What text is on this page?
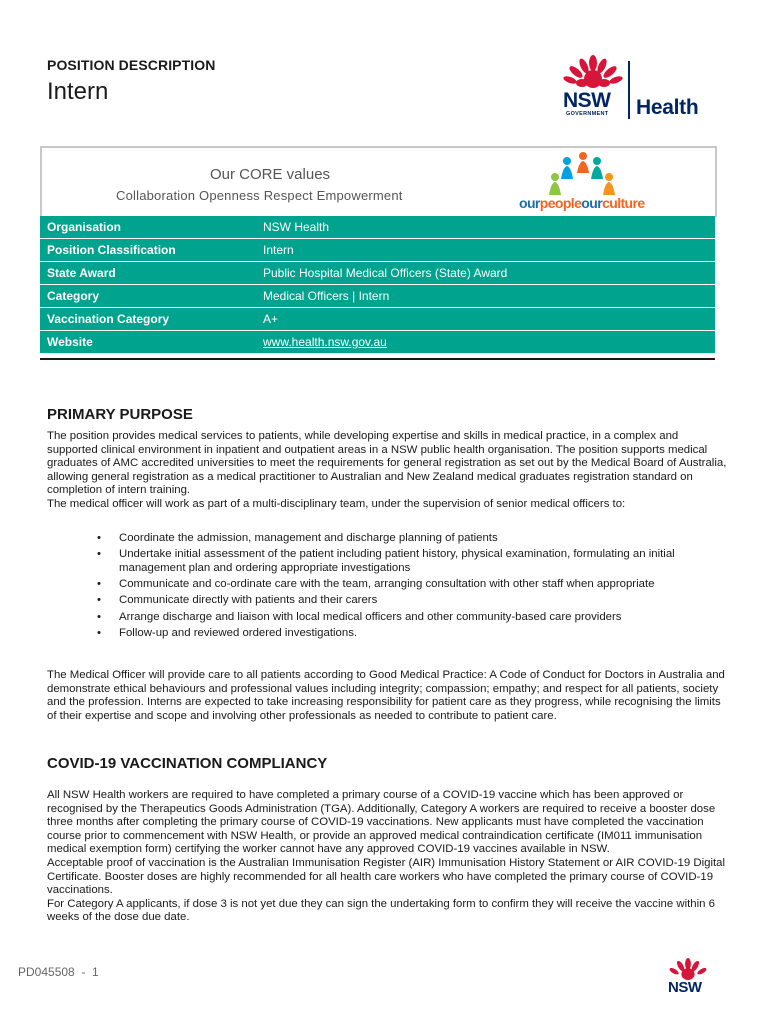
POSITION DESCRIPTION
Intern	NSW
GOVERNMENT Health
Our CORE values
Collaboration Openness Respect Empowerment	ourpeopleourculture
Organisation	NSW Health
Position Classification	Intern
State Award	Public Hospital Medical Officers (State) Award
Category	Medical Officers | Intern
Vaccination Category	A+
Website	www.health.nsw.gov.au
PRIMARY PURPOSE

The position provides medical services to patients, while developing expertise and skills in medical practice, in a complex and supported clinical environment in inpatient and outpatient areas in a NSW public health organisation. The position supports medical graduates of AMC accredited universities to meet the requirements for general registration as set out by the Medical Board of Australia, allowing general registration as a medical practitioner to Australian and New Zealand medical graduates registration standard on completion of intern training.

The medical officer will work as part of a multi-disciplinary team, under the supervision of senior medical officers to:

• Coordinate the admission, management and discharge planning of patients
• Undertake initial assessment of the patient including patient history, physical examination, formulating an initial management plan and ordering appropriate investigations
• Communicate and co-ordinate care with the team, arranging consultation with other staff when appropriate
• Communicate directly with patients and their carers
• Arrange discharge and liaison with local medical officers and other community-based care providers
• Follow-up and reviewed ordered investigations.
The Medical Officer will provide care to all patients according to Good Medical Practice: A Code of Conduct for Doctors in Australia and demonstrate ethical behaviours and professional values including integrity; compassion; empathy; and respect for all patients, society and the profession. Interns are expected to take increasing responsibility for patient care as they progress, while recognising the limits of their expertise and scope and involving other professionals as needed to contribute to patient care.
COVID-19 VACCINATION COMPLIANCY

All NSW Health workers are required to have completed a primary course of a COVID-19 vaccine which has been approved or recognised by the Therapeutics Goods Administration (TGA). Additionally, Category A workers are required to receive a booster dose three months after completing the primary course of COVID-19 vaccinations. New applicants must have completed the vaccination course prior to commencement with NSW Health, or provide an approved medical contraindication certificate (IM011 immunisation medical exemption form) certifying the worker cannot have any approved COVID-19 vaccines available in NSW.

Acceptable proof of vaccination is the Australian Immunisation Register (AIR) Immunisation History Statement or AIR COVID-19 Digital Certificate. Booster doses are highly recommended for all health care workers who have completed the primary course of COVID-19 vaccinations.

For Category A applicants, if dose 3 is not yet due they can sign the undertaking form to confirm they will receive the vaccine within 6 weeks of the dose due date.

PD045508  -  1
NSW
